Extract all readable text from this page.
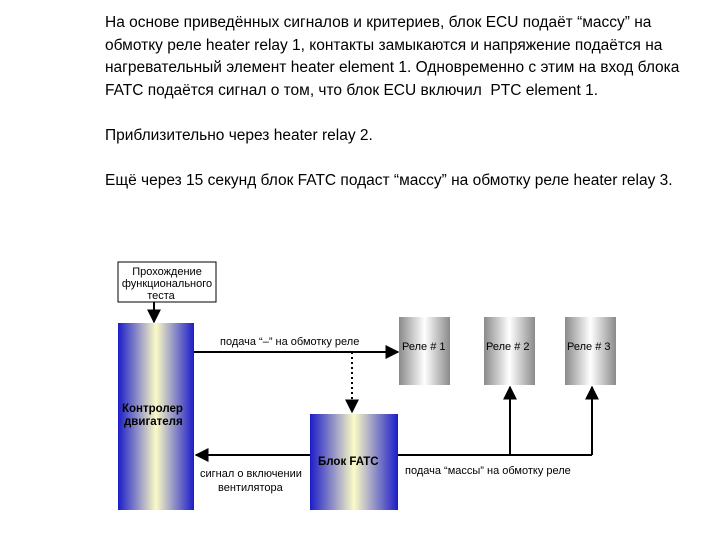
На основе приведённых сигналов и критериев, блок ECU подаёт “массу” на обмотку реле heater relay 1, контакты замыкаются и напряжение подаётся на нагревательный элемент heater element 1. Одновременно с этим на вход блока FATC подаётся сигнал о том, что блок ECU включил  PTC element 1.

Приблизительно через heater relay 2.

Ещё через 15 секунд блок FATC подаст “массу” на обмотку реле heater relay 3.

Прохождение
функционального
теста
Контролер
двигателя
подача “–” на обмотку реле	Реле # 1	Реле # 2	Реле # 3
Блок FATC
сигнал о включении
вентилятора
подача “массы” на обмотку реле
